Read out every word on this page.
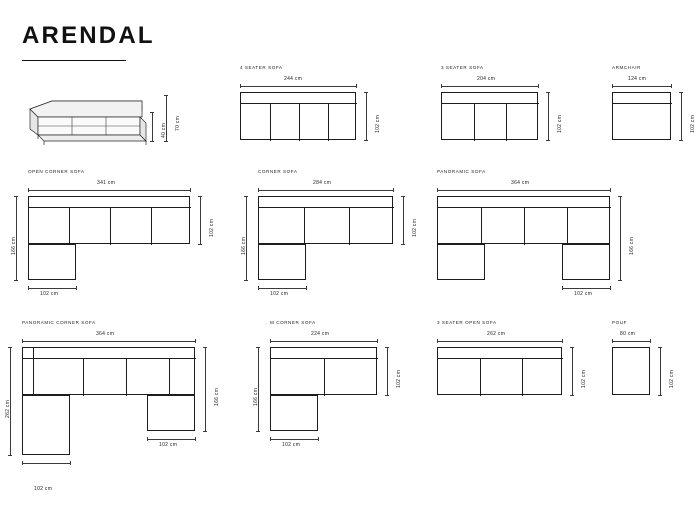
ARENDAL
70 cm
40 cm
4 SEATER SOFA
244 cm
102 cm
3 SEATER SOFA
204 cm
102 cm
ARMCHAIR
124 cm
102 cm
OPEN CORNER SOFA
341 cm
102 cm
166 cm
102 cm
CORNER SOFA
284 cm
102 cm
166 cm
102 cm
PANORAMIC SOFA
364 cm
166 cm
102 cm
PANORAMIC CORNER SOFA
364 cm
166 cm
262 cm
102 cm
102 cm
M CORNER SOFA
224 cm
102 cm
166 cm
102 cm
3 SEATER OPEN SOFA
262 cm
102 cm
POUF
80 cm
102 cm
